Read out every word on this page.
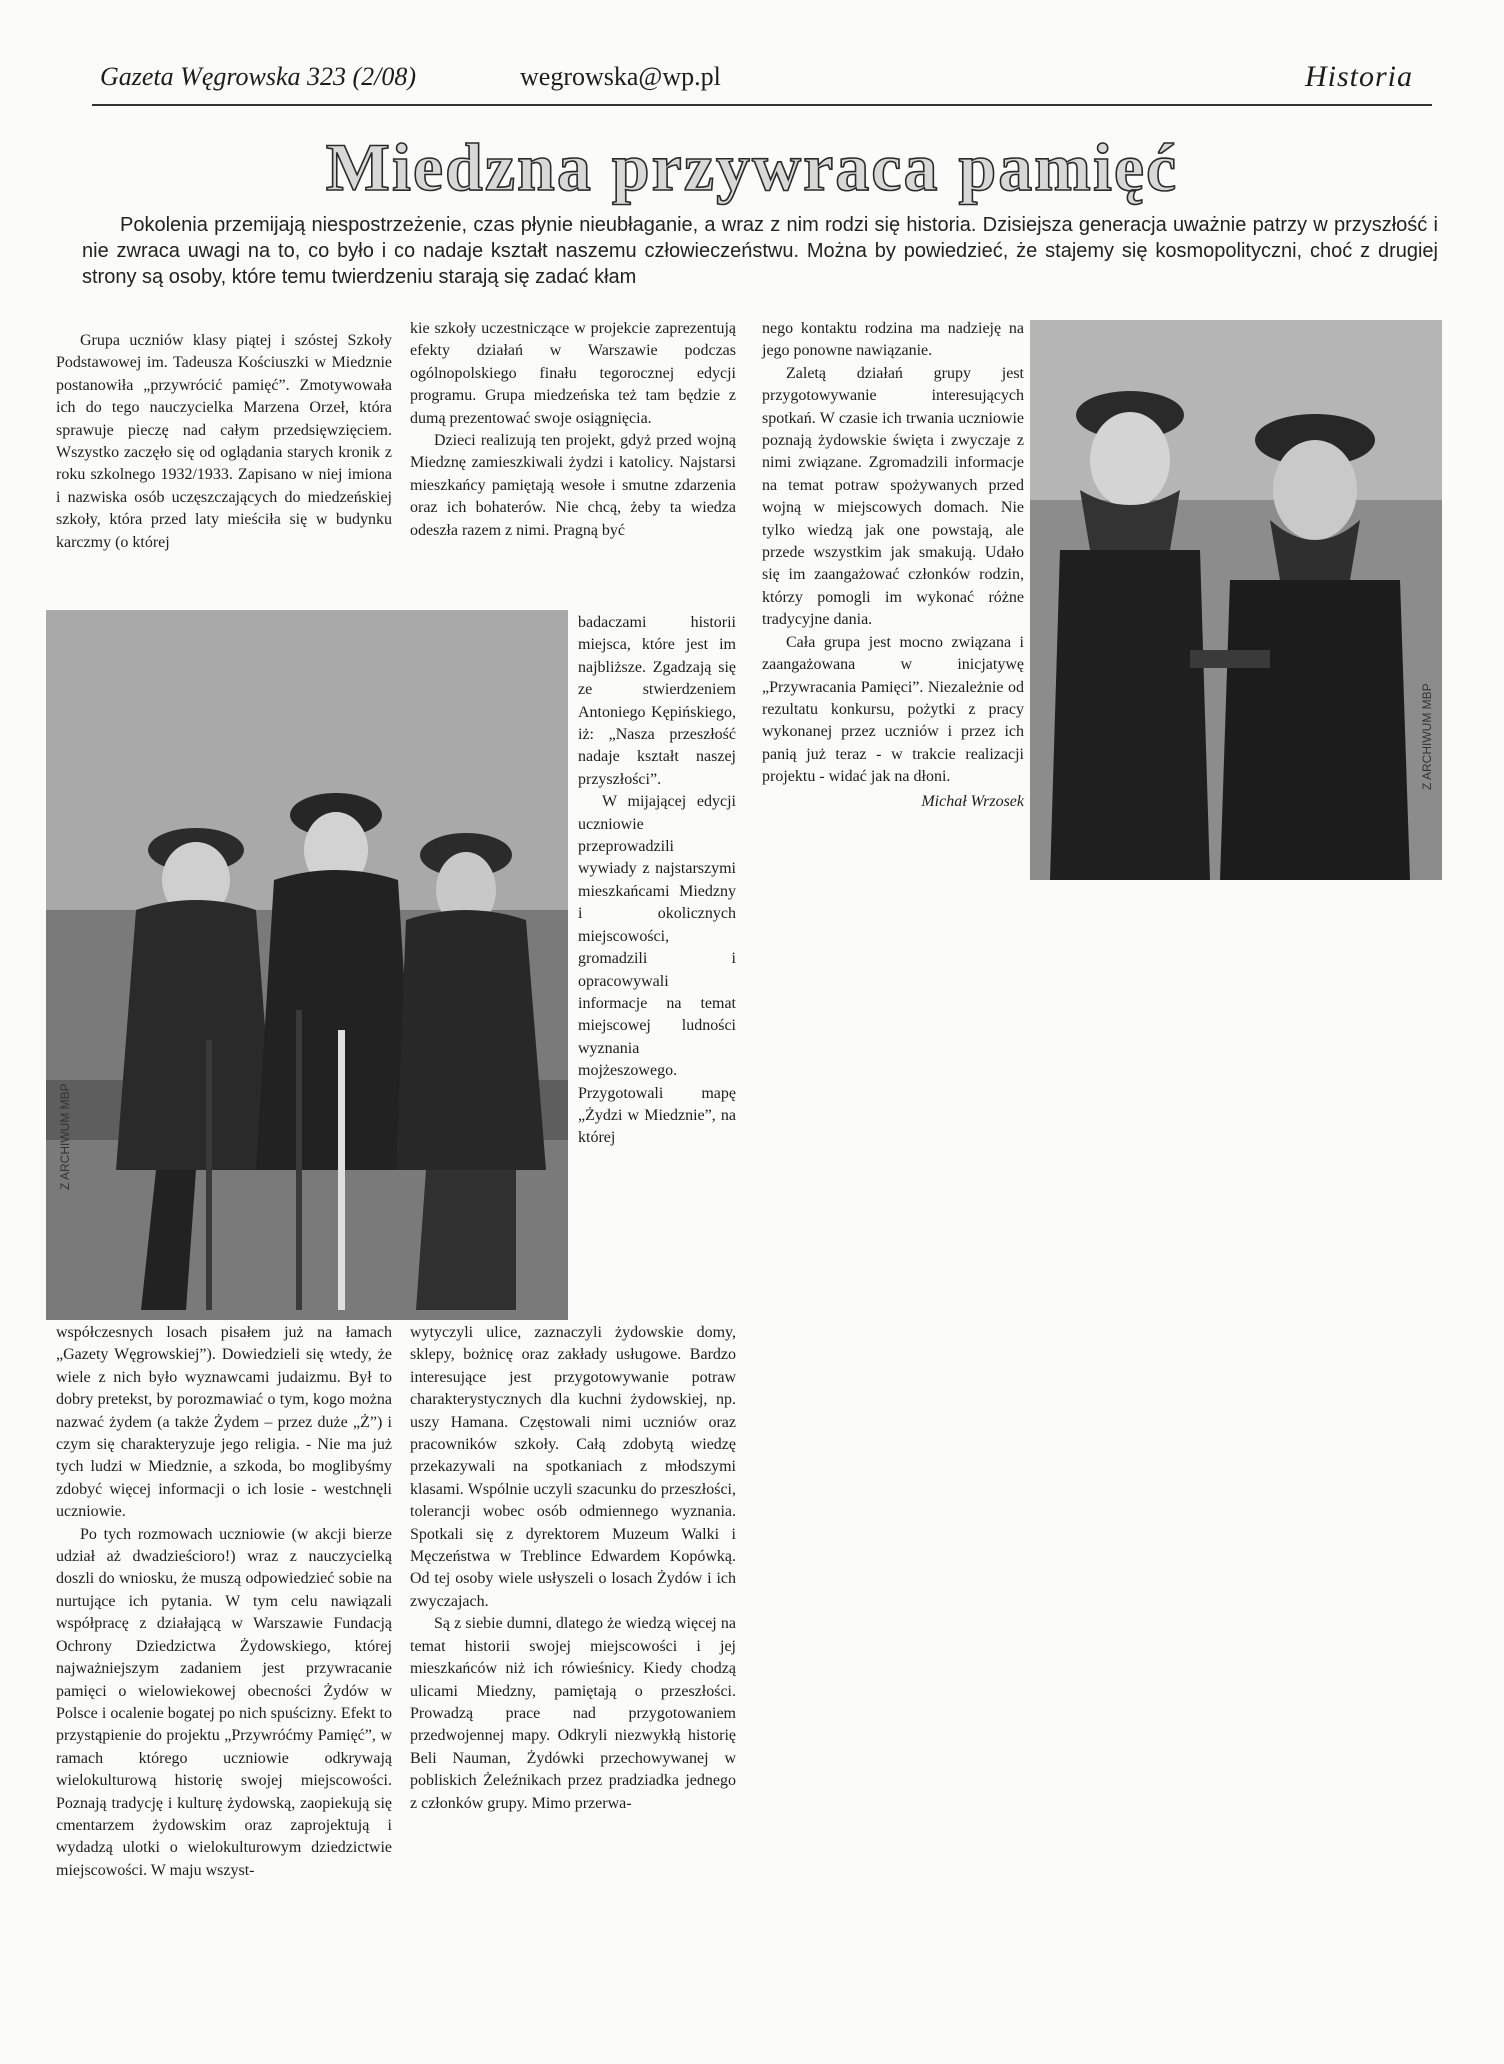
Gazeta Węgrowska 323 (2/08)	wegrowska@wp.pl	Historia
Miedzna przywraca pamięć
Pokolenia przemijają niespostrzeżenie, czas płynie nieubłaganie, a wraz z nim rodzi się historia. Dzisiejsza generacja uważnie patrzy w przyszłość i nie zwraca uwagi na to, co było i co nadaje kształt naszemu człowieczeństwu. Można by powiedzieć, że stajemy się kosmopolityczni, choć z drugiej strony są osoby, które temu twierdzeniu starają się zadać kłam

Grupa uczniów klasy piątej i szóstej Szkoły Podstawowej im. Tadeusza Kościuszki w Miedznie postanowiła „przywrócić pamięć”. Zmotywowała ich do tego nauczycielka Marzena Orzeł, która sprawuje pieczę nad całym przedsięwzięciem. Wszystko zaczęło się od oglądania starych kronik z roku szkolnego 1932/1933. Zapisano w niej imiona i nazwiska osób uczęszczających do miedzeńskiej szkoły, która przed laty mieściła się w budynku karczmy (o której

kie szkoły uczestniczące w projekcie zaprezentują efekty działań w Warszawie podczas ogólnopolskiego finału tegorocznej edycji programu. Grupa miedzeńska też tam będzie z dumą prezentować swoje osiągnięcia.

Dzieci realizują ten projekt, gdyż przed wojną Miedznę zamieszkiwali żydzi i katolicy. Najstarsi mieszkańcy pamiętają wesołe i smutne zdarzenia oraz ich bohaterów. Nie chcą, żeby ta wiedza odeszła razem z nimi. Pragną być

Z ARCHIWUM MBP

badaczami historii miejsca, które jest im najbliższe. Zgadzają się ze stwierdzeniem Antoniego Kępińskiego, iż: „Nasza przeszłość nadaje kształt naszej przyszłości”.

W mijającej edycji uczniowie przeprowadzili wywiady z najstarszymi mieszkańcami Miedzny i okolicznych miejscowości, gromadzili i opracowywali informacje na temat miejscowej ludności wyznania mojżeszowego. Przygotowali mapę „Żydzi w Miedznie”, na której

współczesnych losach pisałem już na łamach „Gazety Węgrowskiej”). Dowiedzieli się wtedy, że wiele z nich było wyznawcami judaizmu. Był to dobry pretekst, by porozmawiać o tym, kogo można nazwać żydem (a także Żydem – przez duże „Ż”) i czym się charakteryzuje jego religia. - Nie ma już tych ludzi w Miedznie, a szkoda, bo moglibyśmy zdobyć więcej informacji o ich losie - westchnęli uczniowie.

Po tych rozmowach uczniowie (w akcji bierze udział aż dwadzieścioro!) wraz z nauczycielką doszli do wniosku, że muszą odpowiedzieć sobie na nurtujące ich pytania. W tym celu nawiązali współpracę z działającą w Warszawie Fundacją Ochrony Dziedzictwa Żydowskiego, której najważniejszym zadaniem jest przywracanie pamięci o wielowiekowej obecności Żydów w Polsce i ocalenie bogatej po nich spuścizny. Efekt to przystąpienie do projektu „Przywróćmy Pamięć”, w ramach którego uczniowie odkrywają wielokulturową historię swojej miejscowości. Poznają tradycję i kulturę żydowską, zaopiekują się cmentarzem żydowskim oraz zaprojektują i wydadzą ulotki o wielokulturowym dziedzictwie miejscowości. W maju wszyst-

wytyczyli ulice, zaznaczyli żydowskie domy, sklepy, bożnicę oraz zakłady usługowe. Bardzo interesujące jest przygotowywanie potraw charakterystycznych dla kuchni żydowskiej, np. uszy Hamana. Częstowali nimi uczniów oraz pracowników szkoły. Całą zdobytą wiedzę przekazywali na spotkaniach z młodszymi klasami. Wspólnie uczyli szacunku do przeszłości, tolerancji wobec osób odmiennego wyznania. Spotkali się z dyrektorem Muzeum Walki i Męczeństwa w Treblince Edwardem Kopówką. Od tej osoby wiele usłyszeli o losach Żydów i ich zwyczajach.

Są z siebie dumni, dlatego że wiedzą więcej na temat historii swojej miejscowości i jej mieszkańców niż ich rówieśnicy. Kiedy chodzą ulicami Miedzny, pamiętają o przeszłości. Prowadzą prace nad przygotowaniem przedwojennej mapy. Odkryli niezwykłą historię Beli Nauman, Żydówki przechowywanej w pobliskich Żeleźnikach przez pradziadka jednego z członków grupy. Mimo przerwa-

nego kontaktu rodzina ma nadzieję na jego ponowne nawiązanie.

Zaletą działań grupy jest przygotowywanie interesujących spotkań. W czasie ich trwania uczniowie poznają żydowskie święta i zwyczaje z nimi związane. Zgromadzili informacje na temat potraw spożywanych przed wojną w miejscowych domach. Nie tylko wiedzą jak one powstają, ale przede wszystkim jak smakują. Udało się im zaangażować członków rodzin, którzy pomogli im wykonać różne tradycyjne dania.

Cała grupa jest mocno związana i zaangażowana w inicjatywę „Przywracania Pamięci”. Niezależnie od rezultatu konkursu, pożytki z pracy wykonanej przez uczniów i przez ich panią już teraz - w trakcie realizacji projektu - widać jak na dłoni.

Michał Wrzosek
Z ARCHIWUM MBP
